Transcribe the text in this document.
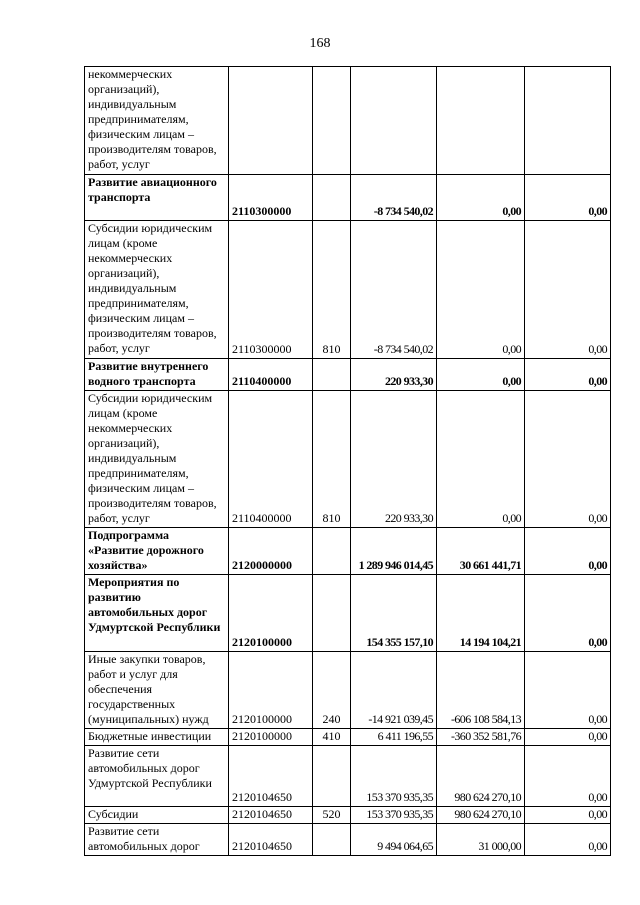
168
некоммерческих организаций), индивидуальным предпринимателям, физическим лицам – производителям товаров, работ, услуг					
Развитие авиационного транспорта	2110300000		-8 734 540,02	0,00	0,00
Субсидии юридическим лицам (кроме некоммерческих организаций), индивидуальным предпринимателям, физическим лицам – производителям товаров, работ, услуг	2110300000	810	-8 734 540,02	0,00	0,00
Развитие внутреннего водного транспорта	2110400000		220 933,30	0,00	0,00
Субсидии юридическим лицам (кроме некоммерческих организаций), индивидуальным предпринимателям, физическим лицам – производителям товаров, работ, услуг	2110400000	810	220 933,30	0,00	0,00
Подпрограмма «Развитие дорожного хозяйства»	2120000000		1 289 946 014,45	30 661 441,71	0,00
Мероприятия по развитию автомобильных дорог Удмуртской Республики	2120100000		154 355 157,10	14 194 104,21	0,00
Иные закупки товаров, работ и услуг для обеспечения государственных (муниципальных) нужд	2120100000	240	-14 921 039,45	-606 108 584,13	0,00
Бюджетные инвестиции	2120100000	410	6 411 196,55	-360 352 581,76	0,00
Развитие сети автомобильных дорог Удмуртской Республики	2120104650		153 370 935,35	980 624 270,10	0,00
Субсидии	2120104650	520	153 370 935,35	980 624 270,10	0,00
Развитие сети автомобильных дорог	2120104650		9 494 064,65	31 000,00	0,00
